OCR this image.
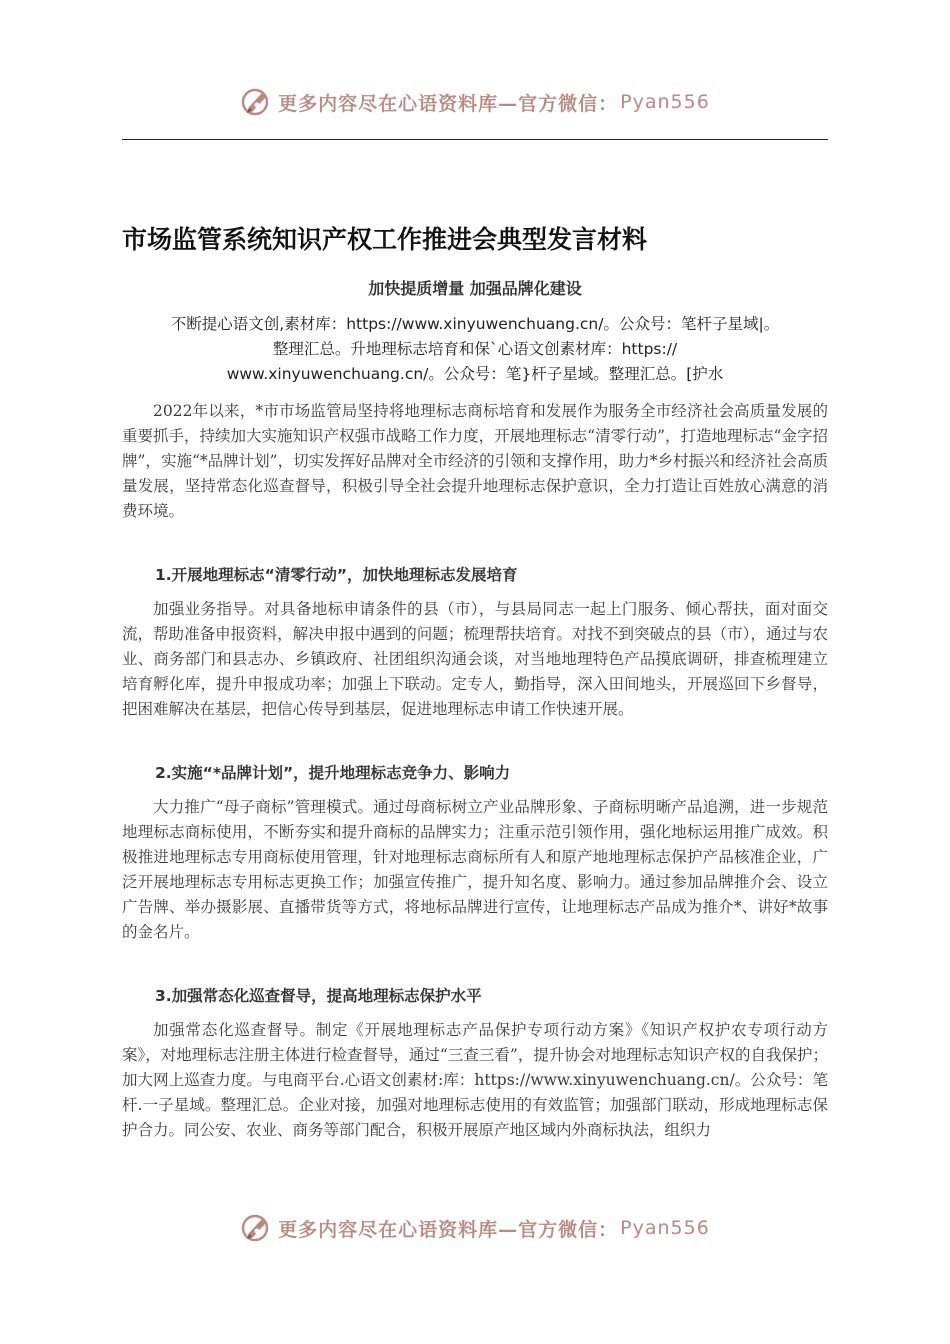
更多内容尽在心语资料库—官方微信： Pyan556
市场监管系统知识产权工作推进会典型发言材料
加快提质增量 加强品牌化建设
不断提心语文创,素材库：https://www.xinyuwenchuang.cn/。公众号：笔杆子星域|。
整理汇总。升地理标志培育和保`心语文创素材库：https://
www.xinyuwenchuang.cn/。公众号：笔}杆子星域。整理汇总。[护水

2022年以来，*市市场监管局坚持将地理标志商标培育和发展作为服务全市经济社会高质量发展的重要抓手，持续加大实施知识产权强市战略工作力度，开展地理标志“清零行动”，打造地理标志“金字招牌”，实施“*品牌计划”，切实发挥好品牌对全市经济的引领和支撑作用，助力*乡村振兴和经济社会高质量发展，坚持常态化巡查督导，积极引导全社会提升地理标志保护意识，全力打造让百姓放心满意的消费环境。

1.开展地理标志“清零行动”，加快地理标志发展培育

加强业务指导。对具备地标申请条件的县（市），与县局同志一起上门服务、倾心帮扶，面对面交流，帮助准备申报资料，解决申报中遇到的问题；梳理帮扶培育。对找不到突破点的县（市），通过与农业、商务部门和县志办、乡镇政府、社团组织沟通会谈，对当地地理特色产品摸底调研，排查梳理建立培育孵化库，提升申报成功率；加强上下联动。定专人，勤指导，深入田间地头，开展巡回下乡督导，把困难解决在基层，把信心传导到基层，促进地理标志申请工作快速开展。

2.实施“*品牌计划”，提升地理标志竞争力、影响力

大力推广“母子商标”管理模式。通过母商标树立产业品牌形象、子商标明晰产品追溯，进一步规范地理标志商标使用，不断夯实和提升商标的品牌实力；注重示范引领作用，强化地标运用推广成效。积极推进地理标志专用商标使用管理，针对地理标志商标所有人和原产地地理标志保护产品核准企业，广泛开展地理标志专用标志更换工作；加强宣传推广，提升知名度、影响力。通过参加品牌推介会、设立广告牌、举办摄影展、直播带货等方式，将地标品牌进行宣传，让地理标志产品成为推介*、讲好*故事的金名片。

3.加强常态化巡查督导，提高地理标志保护水平

加强常态化巡查督导。制定《开展地理标志产品保护专项行动方案》《知识产权护农专项行动方案》，对地理标志注册主体进行检查督导，通过“三查三看”，提升协会对地理标志知识产权的自我保护；加大网上巡查力度。与电商平台.心语文创素材:库：https://www.xinyuwenchuang.cn/。公众号：笔杆.一子星域。整理汇总。企业对接，加强对地理标志使用的有效监管；加强部门联动，形成地理标志保护合力。同公安、农业、商务等部门配合，积极开展原产地区域内外商标执法，组织力

更多内容尽在心语资料库—官方微信： Pyan556
